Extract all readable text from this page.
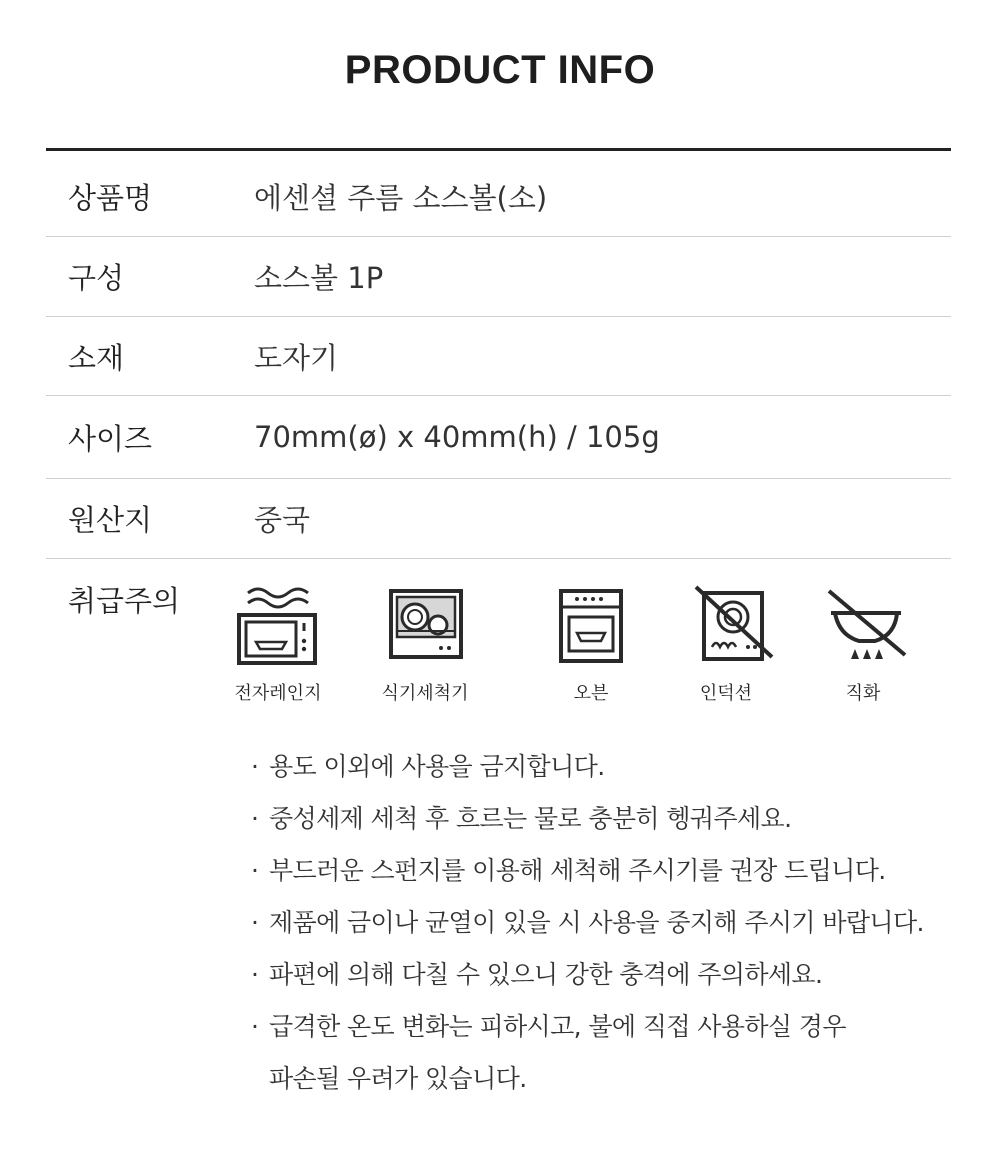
PRODUCT INFO
상품명	에센셜 주름 소스볼(소)
구성	소스볼 1P
소재	도자기
사이즈	70mm(ø) x 40mm(h) / 105g
원산지	중국
취급주의
전자레인지	식기세척기	오븐	인덕션	직화
· 용도 이외에 사용을 금지합니다.
· 중성세제 세척 후 흐르는 물로 충분히 헹궈주세요.
· 부드러운 스펀지를 이용해 세척해 주시기를 권장 드립니다.
· 제품에 금이나 균열이 있을 시 사용을 중지해 주시기 바랍니다.
· 파편에 의해 다칠 수 있으니 강한 충격에 주의하세요.
· 급격한 온도 변화는 피하시고, 불에 직접 사용하실 경우
파손될 우려가 있습니다.
